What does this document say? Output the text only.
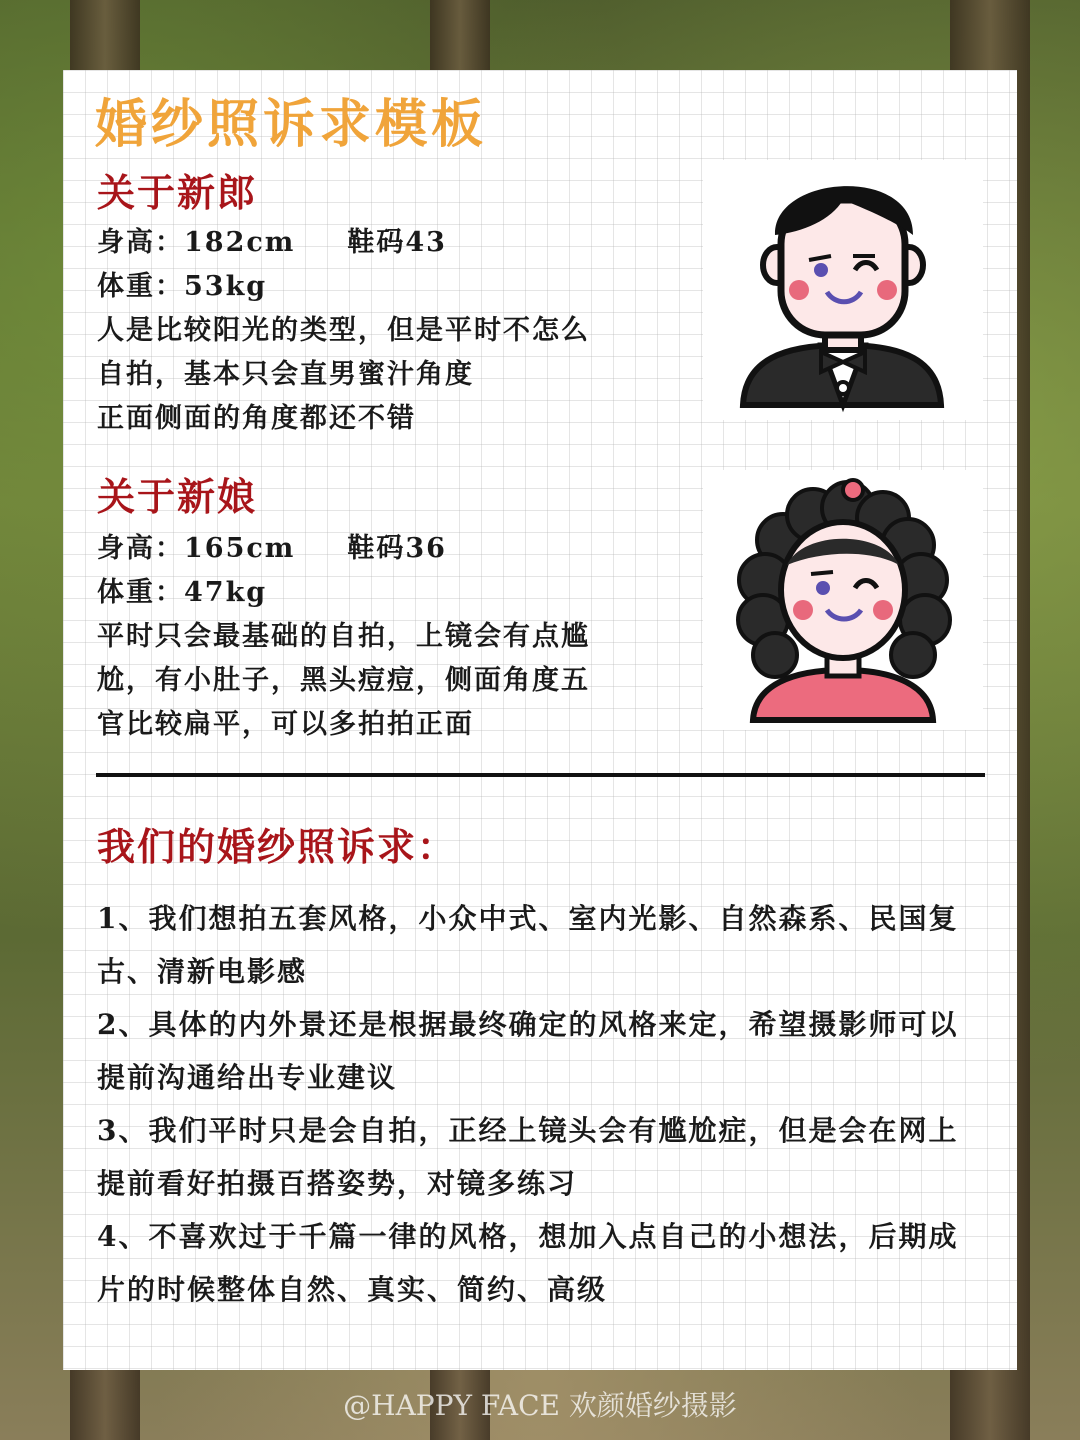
婚纱照诉求模板
关于新郎

身高：182cm 鞋码43

体重：53kg

人是比较阳光的类型，但是平时不怎么

自拍，基本只会直男蜜汁角度

正面侧面的角度都还不错

关于新娘

身高：165cm 鞋码36

体重：47kg

平时只会最基础的自拍，上镜会有点尴

尬，有小肚子，黑头痘痘，侧面角度五

官比较扁平，可以多拍拍正面

我们的婚纱照诉求：

1、我们想拍五套风格，小众中式、室内光影、自然森系、民国复古、清新电影感

2、具体的内外景还是根据最终确定的风格来定，希望摄影师可以提前沟通给出专业建议

3、我们平时只是会自拍，正经上镜头会有尴尬症，但是会在网上提前看好拍摄百搭姿势，对镜多练习

4、不喜欢过于千篇一律的风格，想加入点自己的小想法，后期成片的时候整体自然、真实、简约、高级

@HAPPY FACE 欢颜婚纱摄影
